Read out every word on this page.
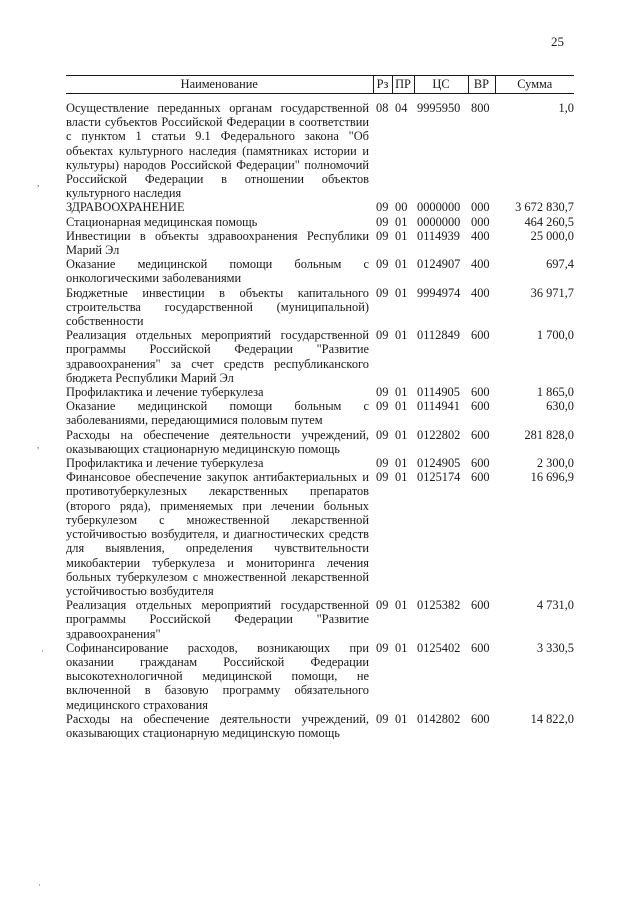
25
Наименование	Рз	ПР	ЦС	ВР	Сумма

Осуществление переданных органам государственной власти субъектов Российской Федерации в соответствии с пунктом 1 статьи 9.1 Федерального закона "Об объектах культурного наследия (памятниках истории и культуры) народов Российской Федерации" полномочий Российской Федерации в отношении объектов культурного наследия	08	04	9995950	800	1,0
ЗДРАВООХРАНЕНИЕ	09	00	0000000	000	3 672 830,7
Стационарная медицинская помощь	09	01	0000000	000	464 260,5
Инвестиции в объекты здравоохранения Республики Марий Эл	09	01	0114939	400	25 000,0
Оказание медицинской помощи больным с онкологическими заболеваниями	09	01	0124907	400	697,4
Бюджетные инвестиции в объекты капитального строительства государственной (муниципальной) собственности	09	01	9994974	400	36 971,7
Реализация отдельных мероприятий государственной программы Российской Федерации "Развитие здравоохранения" за счет средств республиканского бюджета Республики Марий Эл	09	01	0112849	600	1 700,0
Профилактика и лечение туберкулеза	09	01	0114905	600	1 865,0
Оказание медицинской помощи больным с заболеваниями, передающимися половым путем	09	01	0114941	600	630,0
Расходы на обеспечение деятельности учреждений, оказывающих стационарную медицинскую помощь	09	01	0122802	600	281 828,0
Профилактика и лечение туберкулеза	09	01	0124905	600	2 300,0
Финансовое обеспечение закупок антибактериальных и противотуберкулезных лекарственных препаратов (второго ряда), применяемых при лечении больных туберкулезом с множественной лекарственной устойчивостью возбудителя, и диагностических средств для выявления, определения чувствительности микобактерии туберкулеза и мониторинга лечения больных туберкулезом с множественной лекарственной устойчивостью возбудителя	09	01	0125174	600	16 696,9
Реализация отдельных мероприятий государственной программы Российской Федерации "Развитие здравоохранения"	09	01	0125382	600	4 731,0
Софинансирование расходов, возникающих при оказании гражданам Российской Федерации высокотехнологичной медицинской помощи, не включенной в базовую программу обязательного медицинского страхования	09	01	0125402	600	3 330,5
Расходы на обеспечение деятельности учреждений, оказывающих стационарную медицинскую помощь	09	01	0142802	600	14 822,0
,
,
·
·
